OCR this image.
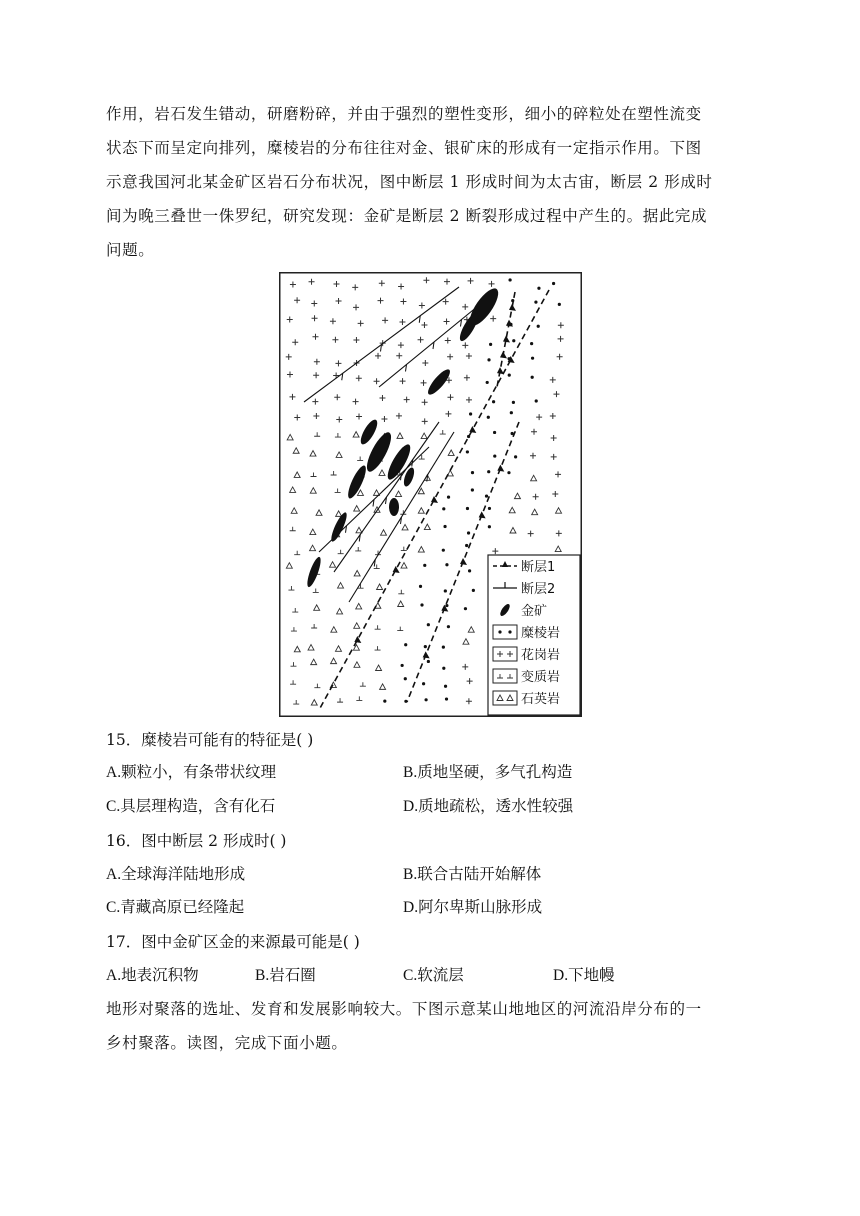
作用，岩石发生错动，研磨粉碎，并由于强烈的塑性变形，细小的碎粒处在塑性流变
状态下而呈定向排列，糜棱岩的分布往往对金、银矿床的形成有一定指示作用。下图
示意我国河北某金矿区岩石分布状况，图中断层 1 形成时间为太古宙，断层 2 形成时
间为晚三叠世一侏罗纪，研究发现：金矿是断层 2 断裂形成过程中产生的。据此完成
问题。
断层1
断层2
金矿
糜棱岩
花岗岩
变质岩
石英岩
15．糜棱岩可能有的特征是( )
A.颗粒小，有条带状纹理	B.质地坚硬，多气孔构造
C.具层理构造，含有化石	D.质地疏松，透水性较强
16．图中断层 2 形成时( )
A.全球海洋陆地形成	B.联合古陆开始解体
C.青藏高原已经隆起	D.阿尔卑斯山脉形成
17．图中金矿区金的来源最可能是( )
A.地表沉积物	B.岩石圈	C.软流层	D.下地幔
地形对聚落的选址、发育和发展影响较大。下图示意某山地地区的河流沿岸分布的一
乡村聚落。读图，完成下面小题。
